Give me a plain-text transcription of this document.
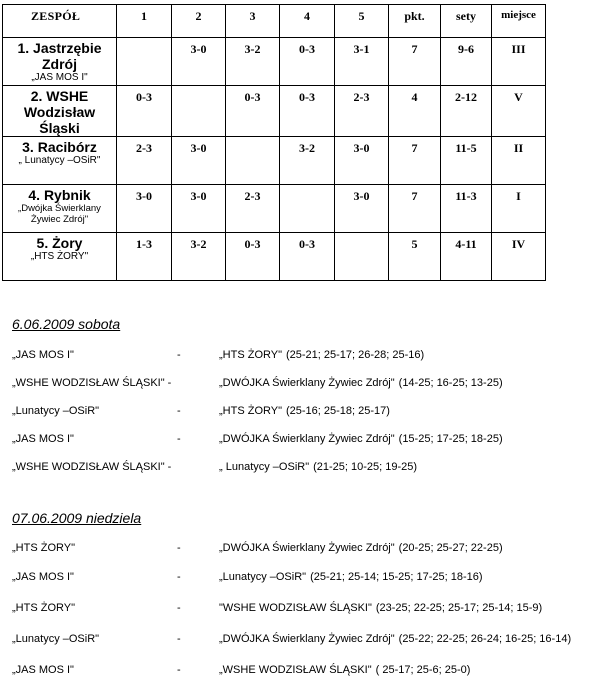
ZESPÓŁ	1	2	3	4	5	pkt.	sety	miejsce

1. Jastrzębie
Zdrój
„JAS MOS I"		3-0	3-2	0-3	3-1	7	9-6	III

2. WSHE
Wodzisław
Śląski	0-3		0-3	0-3	2-3	4	2-12	V

3. Racibórz
„ Lunatycy –OSiR"	2-3	3-0		3-2	3-0	7	11-5	II

4. Rybnik
„Dwójka Świerklany
Żywiec Zdrój"	3-0	3-0	2-3		3-0	7	11-3	I

5. Żory
„HTS ŻORY"	1-3	3-2	0-3	0-3		5	4-11	IV
6.06.2009 sobota
„JAS MOS I"	-	„HTS ŻORY" (25-21; 25-17; 26-28; 25-16)
„WSHE WODZISŁAW ŚLĄSKI" -	„DWÓJKA Świerklany Żywiec Zdrój" (14-25; 16-25; 13-25)
„Lunatycy –OSiR"	-	„HTS ŻORY" (25-16; 25-18; 25-17)
„JAS MOS I"	-	„DWÓJKA Świerklany Żywiec Zdrój" (15-25; 17-25; 18-25)
„WSHE WODZISŁAW ŚLĄSKI" -	„ Lunatycy –OSiR" (21-25; 10-25; 19-25)
07.06.2009 niedziela
„HTS ŻORY"	-	„DWÓJKA Świerklany Żywiec Zdrój" (20-25; 25-27; 22-25)
„JAS MOS I"	-	„Lunatycy –OSiR" (25-21; 25-14; 15-25; 17-25; 18-16)
„HTS ŻORY"	-	"WSHE WODZISŁAW ŚLĄSKI" (23-25; 22-25; 25-17; 25-14; 15-9)
„Lunatycy –OSiR"	-	„DWÓJKA Świerklany Żywiec Zdrój" (25-22; 22-25; 26-24; 16-25; 16-14)
„JAS MOS I"	-	„WSHE WODZISŁAW ŚLĄSKI" ( 25-17; 25-6; 25-0)
